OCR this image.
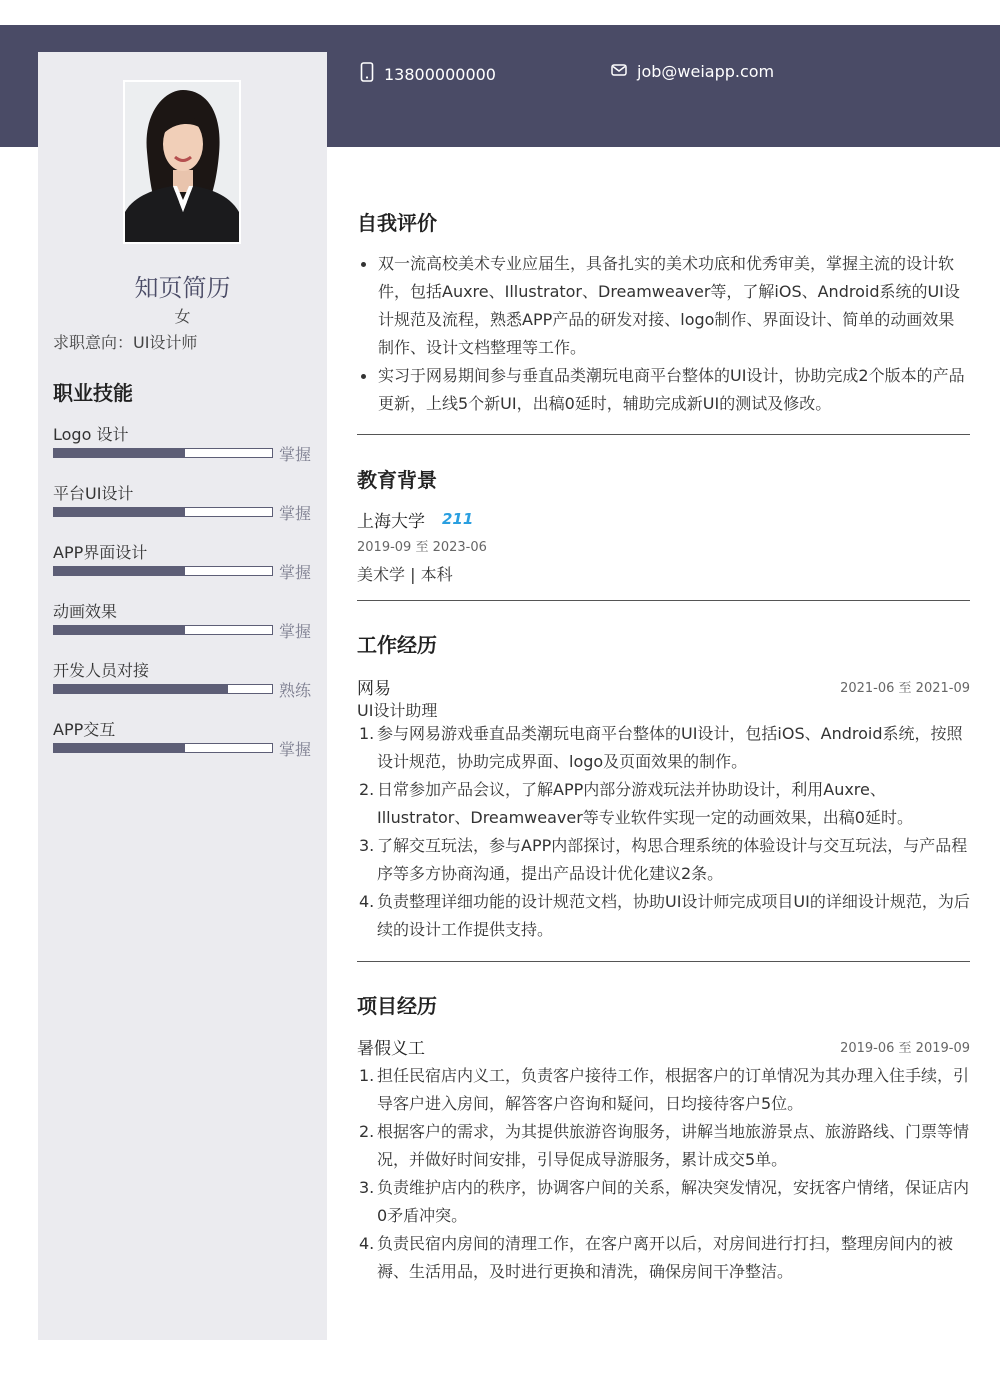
知页简历
女
求职意向：UI设计师
职业技能
Logo 设计
掌握
平台UI设计
掌握
APP界面设计
掌握
动画效果
掌握
开发人员对接
熟练
APP交互
掌握
13800000000	job@weiapp.com
自我评价
双一流高校美术专业应届生，具备扎实的美术功底和优秀审美，掌握主流的设计软件，包括Auxre、Illustrator、Dreamweaver等，了解iOS、Android系统的UI设计规范及流程，熟悉APP产品的研发对接、logo制作、界面设计、简单的动画效果制作、设计文档整理等工作。
实习于网易期间参与垂直品类潮玩电商平台整体的UI设计，协助完成2个版本的产品更新，上线5个新UI，出稿0延时，辅助完成新UI的测试及修改。
教育背景
上海大学 211
2019-09 至 2023-06
美术学 | 本科
工作经历
网易	2021-06 至 2021-09
UI设计助理
1. 参与网易游戏垂直品类潮玩电商平台整体的UI设计，包括iOS、Android系统，按照设计规范，协助完成界面、logo及页面效果的制作。
2. 日常参加产品会议，了解APP内部分游戏玩法并协助设计，利用Auxre、Illustrator、Dreamweaver等专业软件实现一定的动画效果，出稿0延时。
3. 了解交互玩法，参与APP内部探讨，构思合理系统的体验设计与交互玩法，与产品程序等多方协商沟通，提出产品设计优化建议2条。
4. 负责整理详细功能的设计规范文档，协助UI设计师完成项目UI的详细设计规范，为后续的设计工作提供支持。
项目经历
暑假义工	2019-06 至 2019-09
1. 担任民宿店内义工，负责客户接待工作，根据客户的订单情况为其办理入住手续，引导客户进入房间，解答客户咨询和疑问，日均接待客户5位。
2. 根据客户的需求，为其提供旅游咨询服务，讲解当地旅游景点、旅游路线、门票等情况，并做好时间安排，引导促成导游服务，累计成交5单。
3. 负责维护店内的秩序，协调客户间的关系，解决突发情况，安抚客户情绪，保证店内0矛盾冲突。
4. 负责民宿内房间的清理工作，在客户离开以后，对房间进行打扫，整理房间内的被褥、生活用品，及时进行更换和清洗，确保房间干净整洁。
